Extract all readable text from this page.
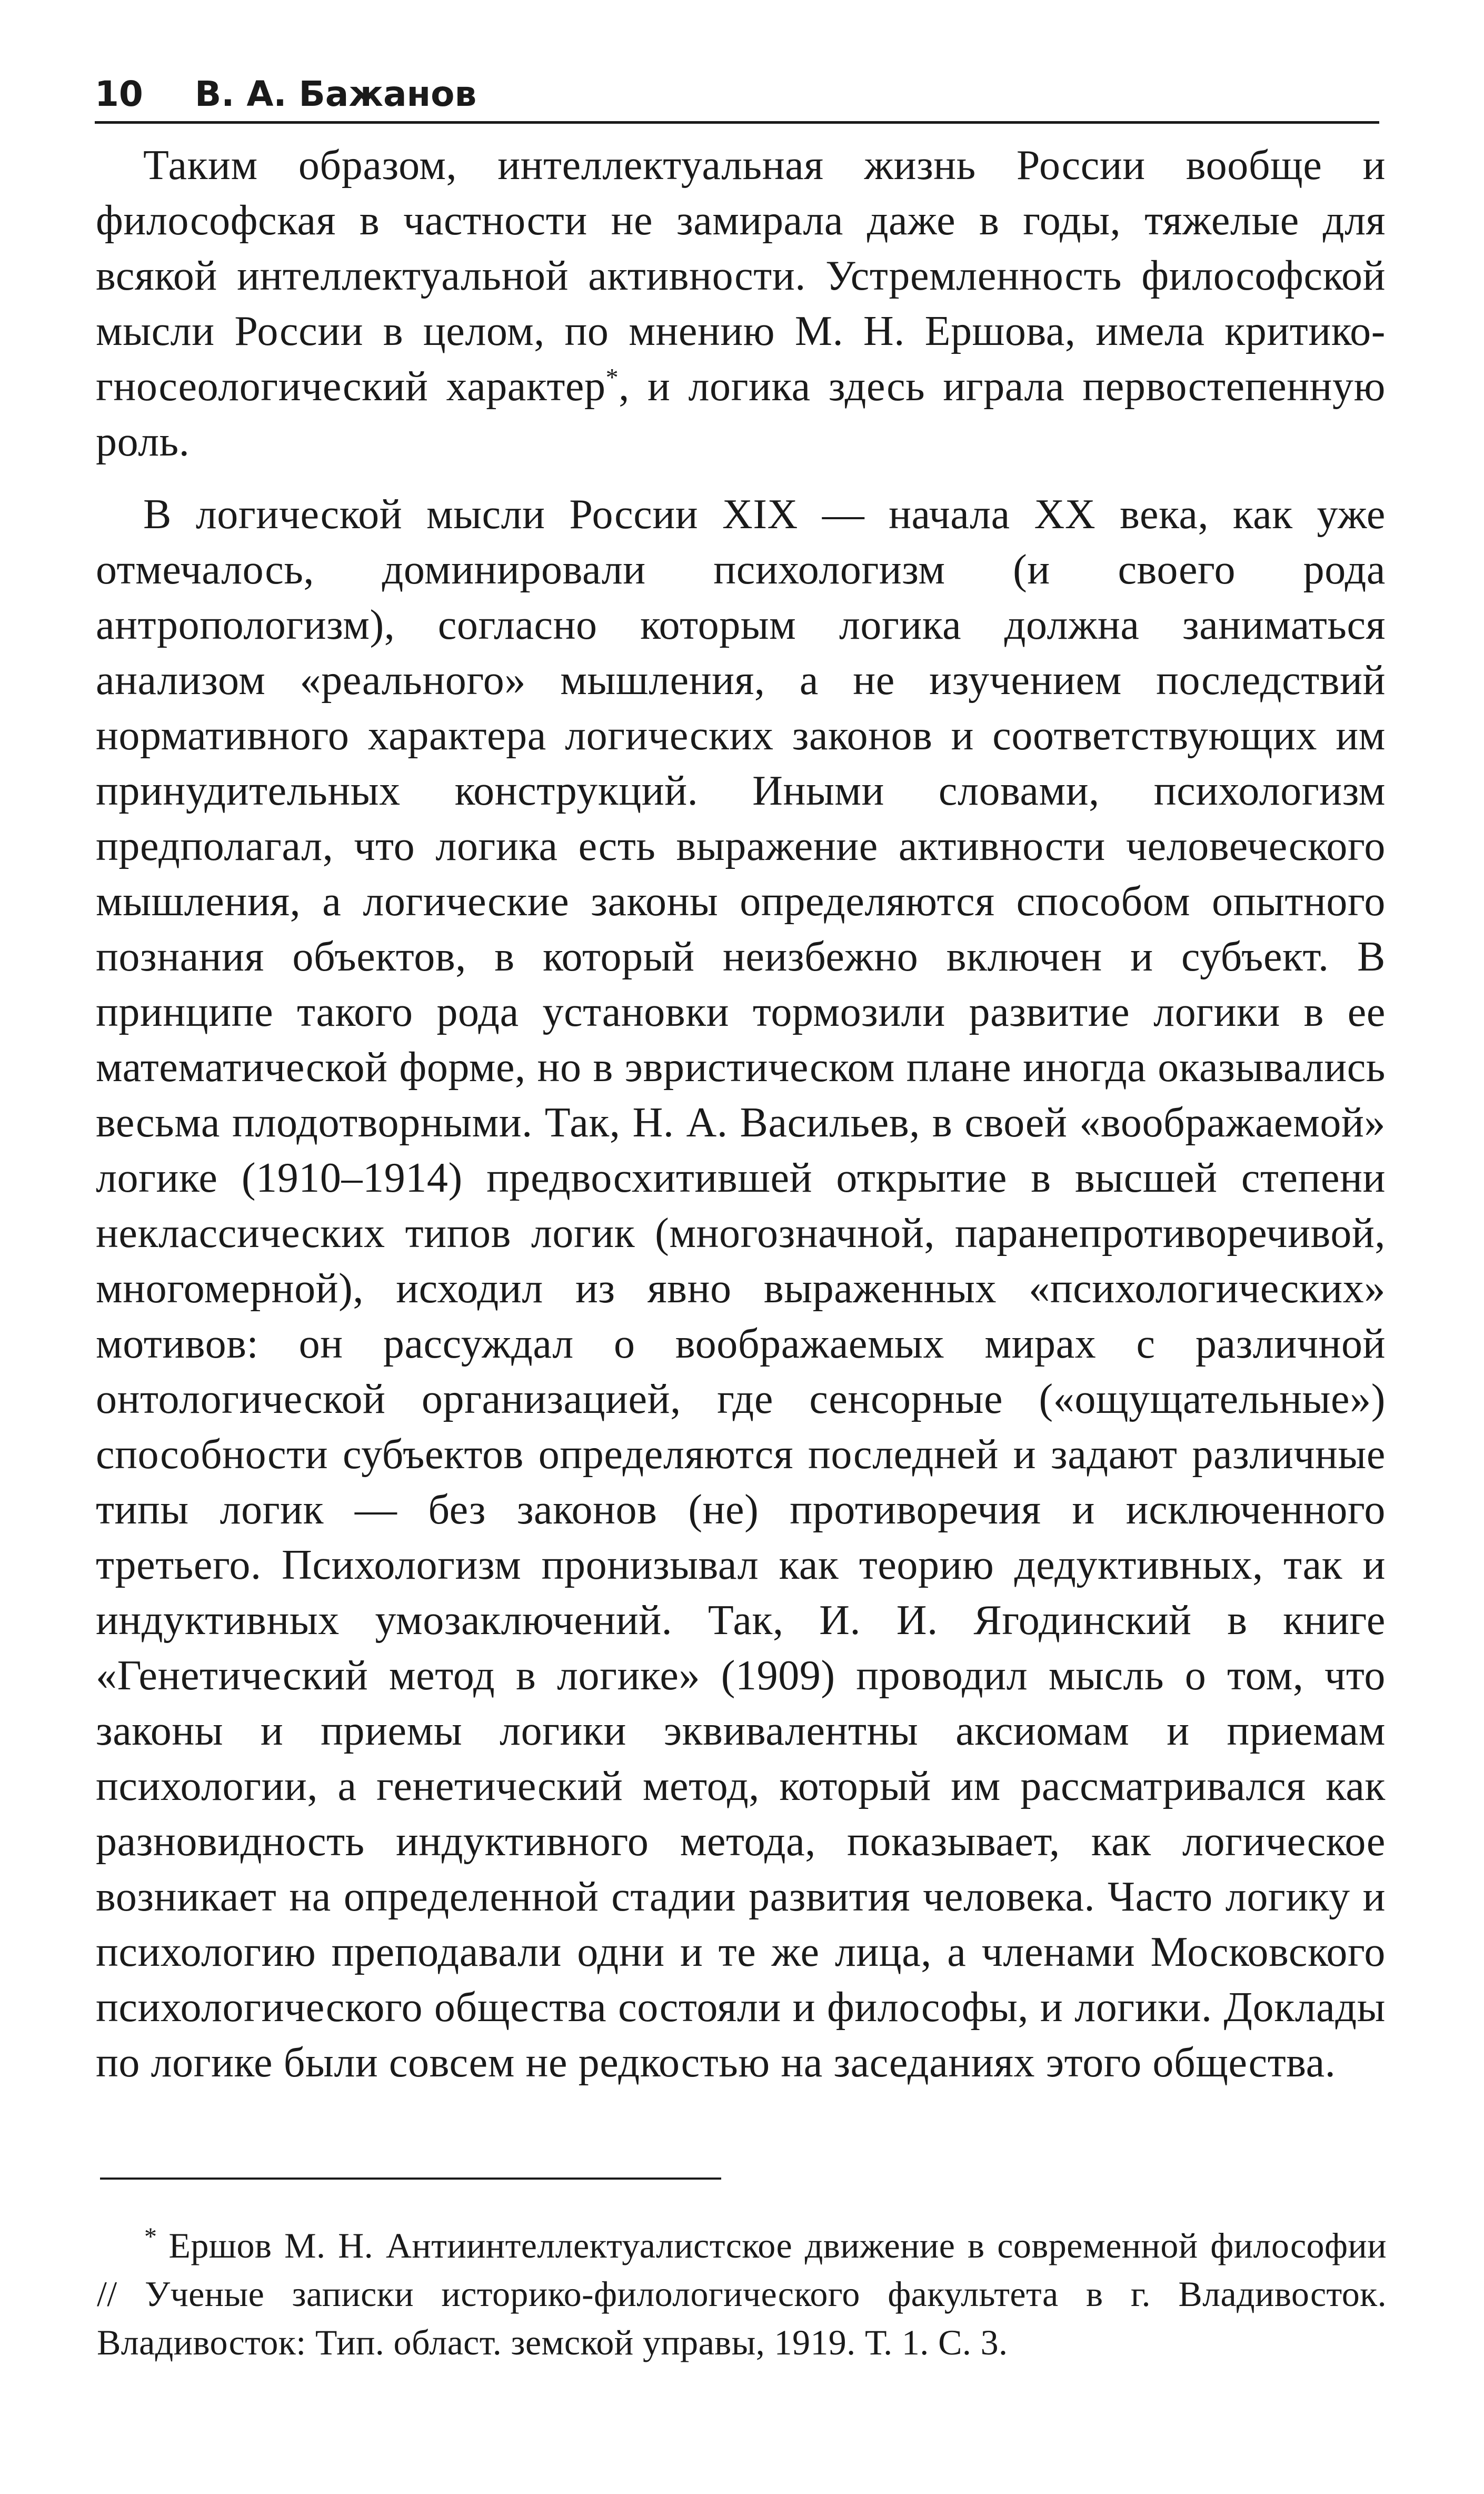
10 В. А. Бажанов

Таким образом, интеллектуальная жизнь России вообще и философская в частности не замирала даже в годы, тяжелые для всякой интеллектуальной активности. Устремленность философской мысли России в целом, по мнению М. Н. Ершова, имела критико-гносеологический характер*, и логика здесь играла первостепенную роль.

В логической мысли России XIX — начала XX века, как уже отмечалось, доминировали психологизм (и своего рода антропологизм), согласно которым логика должна заниматься анализом «реального» мышления, а не изучением последствий нормативного характера логических законов и соответствующих им принудительных конструкций. Иными словами, психологизм предполагал, что логика есть выражение активности человеческого мышления, а логические законы определяются способом опытного познания объектов, в который неизбежно включен и субъект. В принципе такого рода установки тормозили развитие логики в ее математической форме, но в эвристическом плане иногда оказывались весьма плодотворными. Так, Н. А. Васильев, в своей «воображаемой» логике (1910–1914) предвосхитившей открытие в высшей степени неклассических типов логик (многозначной, паранепротиворечивой, многомерной), исходил из явно выраженных «психологических» мотивов: он рассуждал о воображаемых мирах с различной онтологической организацией, где сенсорные («ощущательные») способности субъектов определяются последней и задают различные типы логик — без законов (не) противоречия и исключенного третьего. Психологизм пронизывал как теорию дедуктивных, так и индуктивных умозаключений. Так, И. И. Ягодинский в книге «Генетический метод в логике» (1909) проводил мысль о том, что законы и приемы логики эквивалентны аксиомам и приемам психологии, а генетический метод, который им рассматривался как разновидность индуктивного метода, показывает, как логическое возникает на определенной стадии развития человека. Часто логику и психологию преподавали одни и те же лица, а членами Московского психологического общества состояли и философы, и логики. Доклады по логике были совсем не редкостью на заседаниях этого общества.

* Ершов М. Н. Антиинтеллектуалистское движение в современной философии // Ученые записки историко-филологического факультета в г. Владивосток. Владивосток: Тип. област. земской управы, 1919. Т. 1. С. 3.
